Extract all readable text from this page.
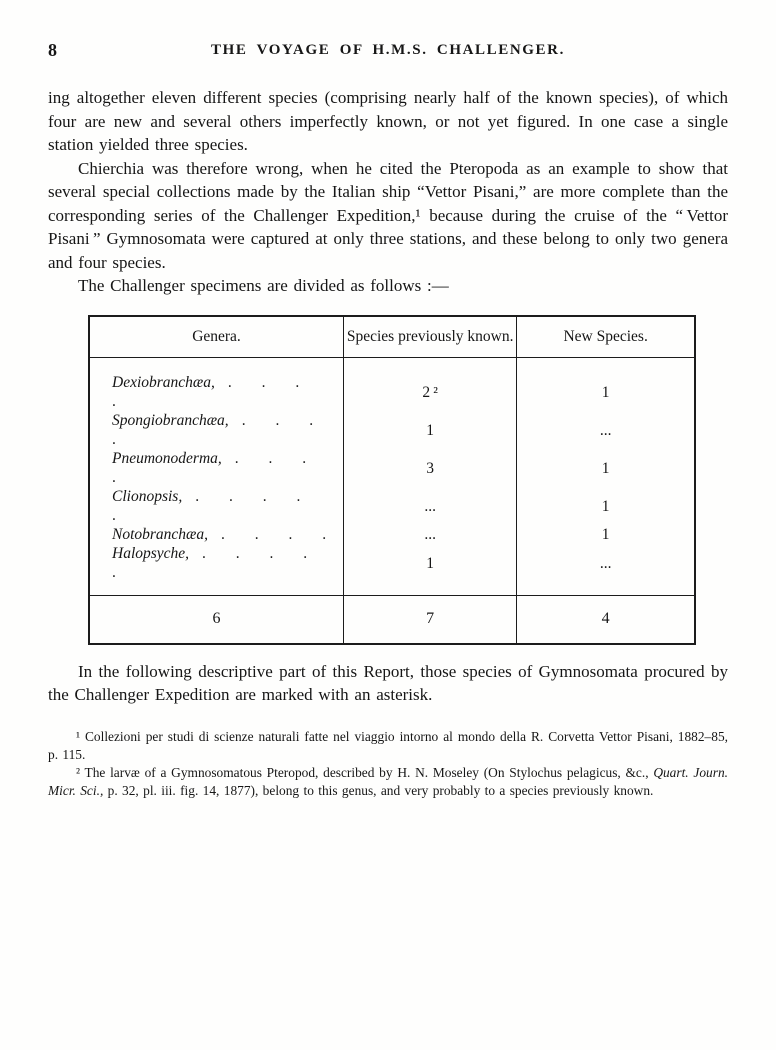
8	THE VOYAGE OF H.M.S. CHALLENGER.

ing altogether eleven different species (comprising nearly half of the known species), of which four are new and several others imperfectly known, or not yet figured. In one case a single station yielded three species.

Chierchia was therefore wrong, when he cited the Pteropoda as an example to show that several special collections made by the Italian ship “Vettor Pisani,” are more complete than the corresponding series of the Challenger Expedition,¹ because during the cruise of the “ Vettor Pisani ” Gymnosomata were captured at only three stations, and these belong to only two genera and four species.

The Challenger specimens are divided as follows :—

Genera.	Species previously known.	New Species.
Dexiobranchæa, . . . .	2 ²	1
Spongiobranchæa, . . . .	1	...
Pneumonoderma, . . . .	3	1
Clionopsis, . . . . .	...	1
Notobranchæa, . . . .	...	1
Halopsyche, . . . . .	1	...
6	7	4

In the following descriptive part of this Report, those species of Gymnosomata procured by the Challenger Expedition are marked with an asterisk.

¹ Collezioni per studi di scienze naturali fatte nel viaggio intorno al mondo della R. Corvetta Vettor Pisani, 1882–85, p. 115.

² The larvæ of a Gymnosomatous Pteropod, described by H. N. Moseley (On Stylochus pelagicus, &c., Quart. Journ. Micr. Sci., p. 32, pl. iii. fig. 14, 1877), belong to this genus, and very probably to a species previously known.
